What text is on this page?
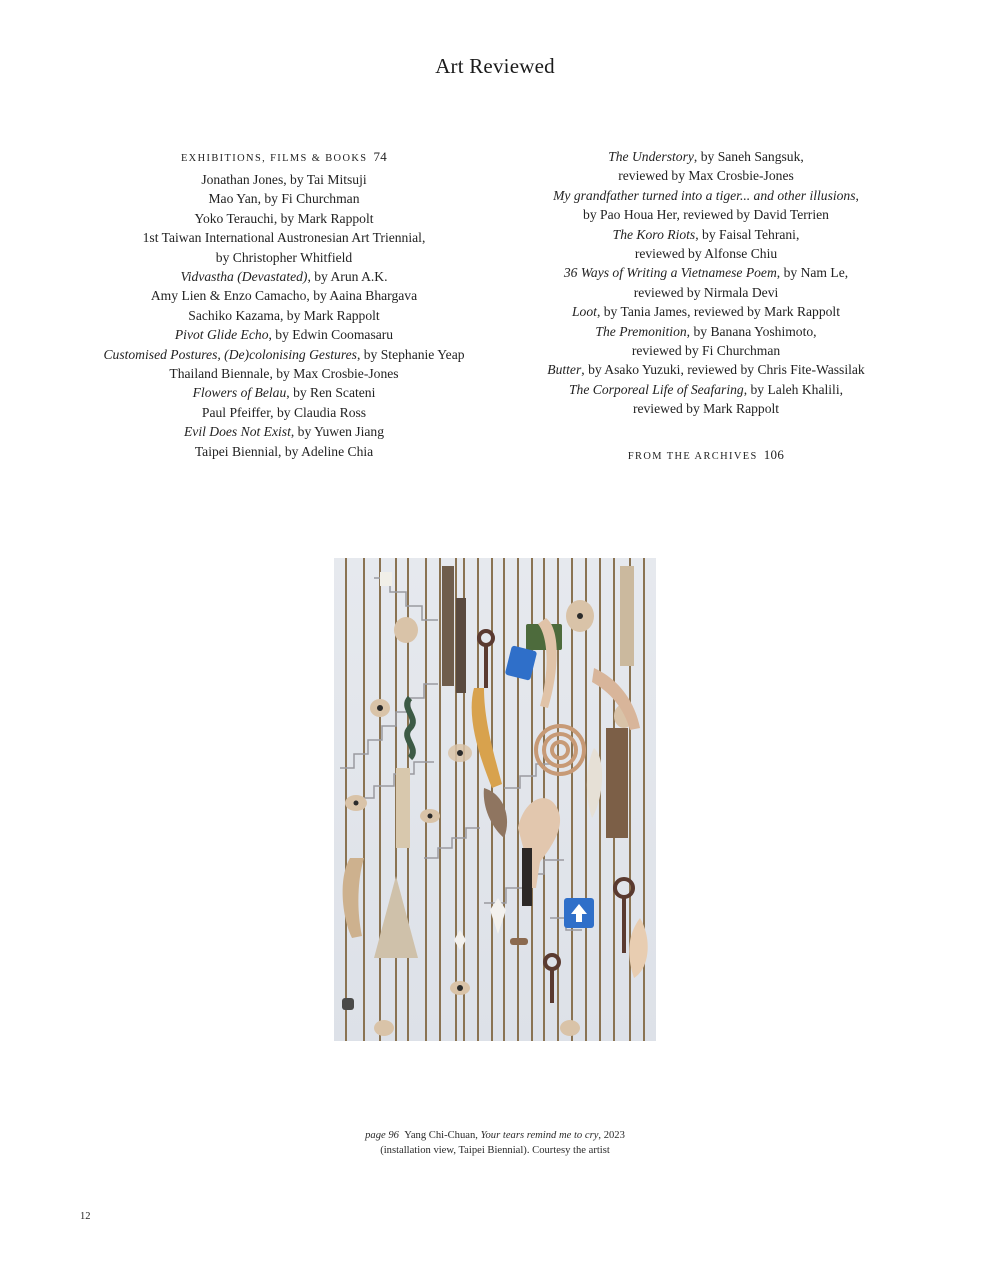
Art Reviewed
EXHIBITIONS, FILMS & BOOKS 74
Jonathan Jones, by Tai Mitsuji
Mao Yan, by Fi Churchman
Yoko Terauchi, by Mark Rappolt
1st Taiwan International Austronesian Art Triennial,
by Christopher Whitfield
Vidvastha (Devastated), by Arun A.K.
Amy Lien & Enzo Camacho, by Aaina Bhargava
Sachiko Kazama, by Mark Rappolt
Pivot Glide Echo, by Edwin Coomasaru
Customised Postures, (De)colonising Gestures, by Stephanie Yeap
Thailand Biennale, by Max Crosbie-Jones
Flowers of Belau, by Ren Scateni
Paul Pfeiffer, by Claudia Ross
Evil Does Not Exist, by Yuwen Jiang
Taipei Biennial, by Adeline Chia
The Understory, by Saneh Sangsuk,
reviewed by Max Crosbie-Jones
My grandfather turned into a tiger... and other illusions,
by Pao Houa Her, reviewed by David Terrien
The Koro Riots, by Faisal Tehrani,
reviewed by Alfonse Chiu
36 Ways of Writing a Vietnamese Poem, by Nam Le,
reviewed by Nirmala Devi
Loot, by Tania James, reviewed by Mark Rappolt
The Premonition, by Banana Yoshimoto,
reviewed by Fi Churchman
Butter, by Asako Yuzuki, reviewed by Chris Fite-Wassilak
The Corporeal Life of Seafaring, by Laleh Khalili,
reviewed by Mark Rappolt
FROM THE ARCHIVES 106
page 96 Yang Chi-Chuan, Your tears remind me to cry, 2023
(installation view, Taipei Biennial). Courtesy the artist
12
